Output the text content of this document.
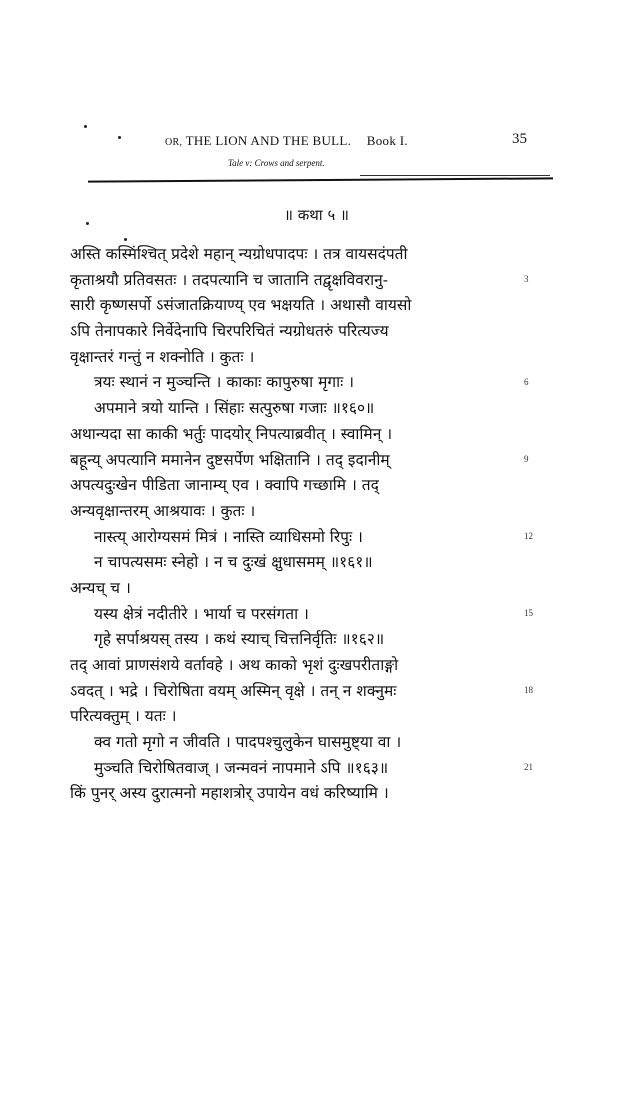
OR, THE LION AND THE BULL. Book I.	35
Tale v: Crows and serpent.
॥ कथा ५ ॥
अस्ति कस्मिंश्चित् प्रदेशे महान् न्यग्रोधपादपः । तत्र वायसदंपती
कृताश्रयौ प्रतिवसतः । तदपत्यानि च जातानि तद्वृक्षविवरानु-
सारी कृष्णसर्पो ऽसंजातक्रियाण्य् एव भक्षयति । अथासौ वायसो
ऽपि तेनापकारे निर्वेदेनापि चिरपरिचितं न्यग्रोधतरुं परित्यज्य
वृक्षान्तरं गन्तुं न शक्नोति । कुतः ।
त्रयः स्थानं न मुञ्चन्ति । काकाः कापुरुषा मृगाः ।
अपमाने त्रयो यान्ति । सिंहाः सत्पुरुषा गजाः ॥१६०॥
अथान्यदा सा काकी भर्तुः पादयोर् निपत्याब्रवीत् । स्वामिन् ।
बहून्य् अपत्यानि ममानेन दुष्टसर्पेण भक्षितानि । तद् इदानीम्
अपत्यदुःखेन पीडिता जानाम्य् एव । क्वापि गच्छामि । तद्
अन्यवृक्षान्तरम् आश्रयावः । कुतः ।
नास्त्य् आरोग्यसमं मित्रं । नास्ति व्याधिसमो रिपुः ।
न चापत्यसमः स्नेहो । न च दुःखं क्षुधासमम् ॥१६१॥
अन्यच् च ।
यस्य क्षेत्रं नदीतीरे । भार्या च परसंगता ।
गृहे सर्पाश्रयस् तस्य । कथं स्याच् चित्तनिर्वृतिः ॥१६२॥
तद् आवां प्राणसंशये वर्तावहे । अथ काको भृशं दुःखपरीताङ्गो
ऽवदत् । भद्रे । चिरोषिता वयम् अस्मिन् वृक्षे । तन् न शक्नुमः
परित्यक्तुम् । यतः ।
क्व गतो मृगो न जीवति । पादपश्चुलुकेन घासमुष्ट्या वा ।
मुञ्चति चिरोषितवाज् । जन्मवनं नापमाने ऽपि ॥१६३॥
किं पुनर् अस्य दुरात्मनो महाशत्रोर् उपायेन वधं करिष्यामि ।
3
6
9
12
15
18
21
